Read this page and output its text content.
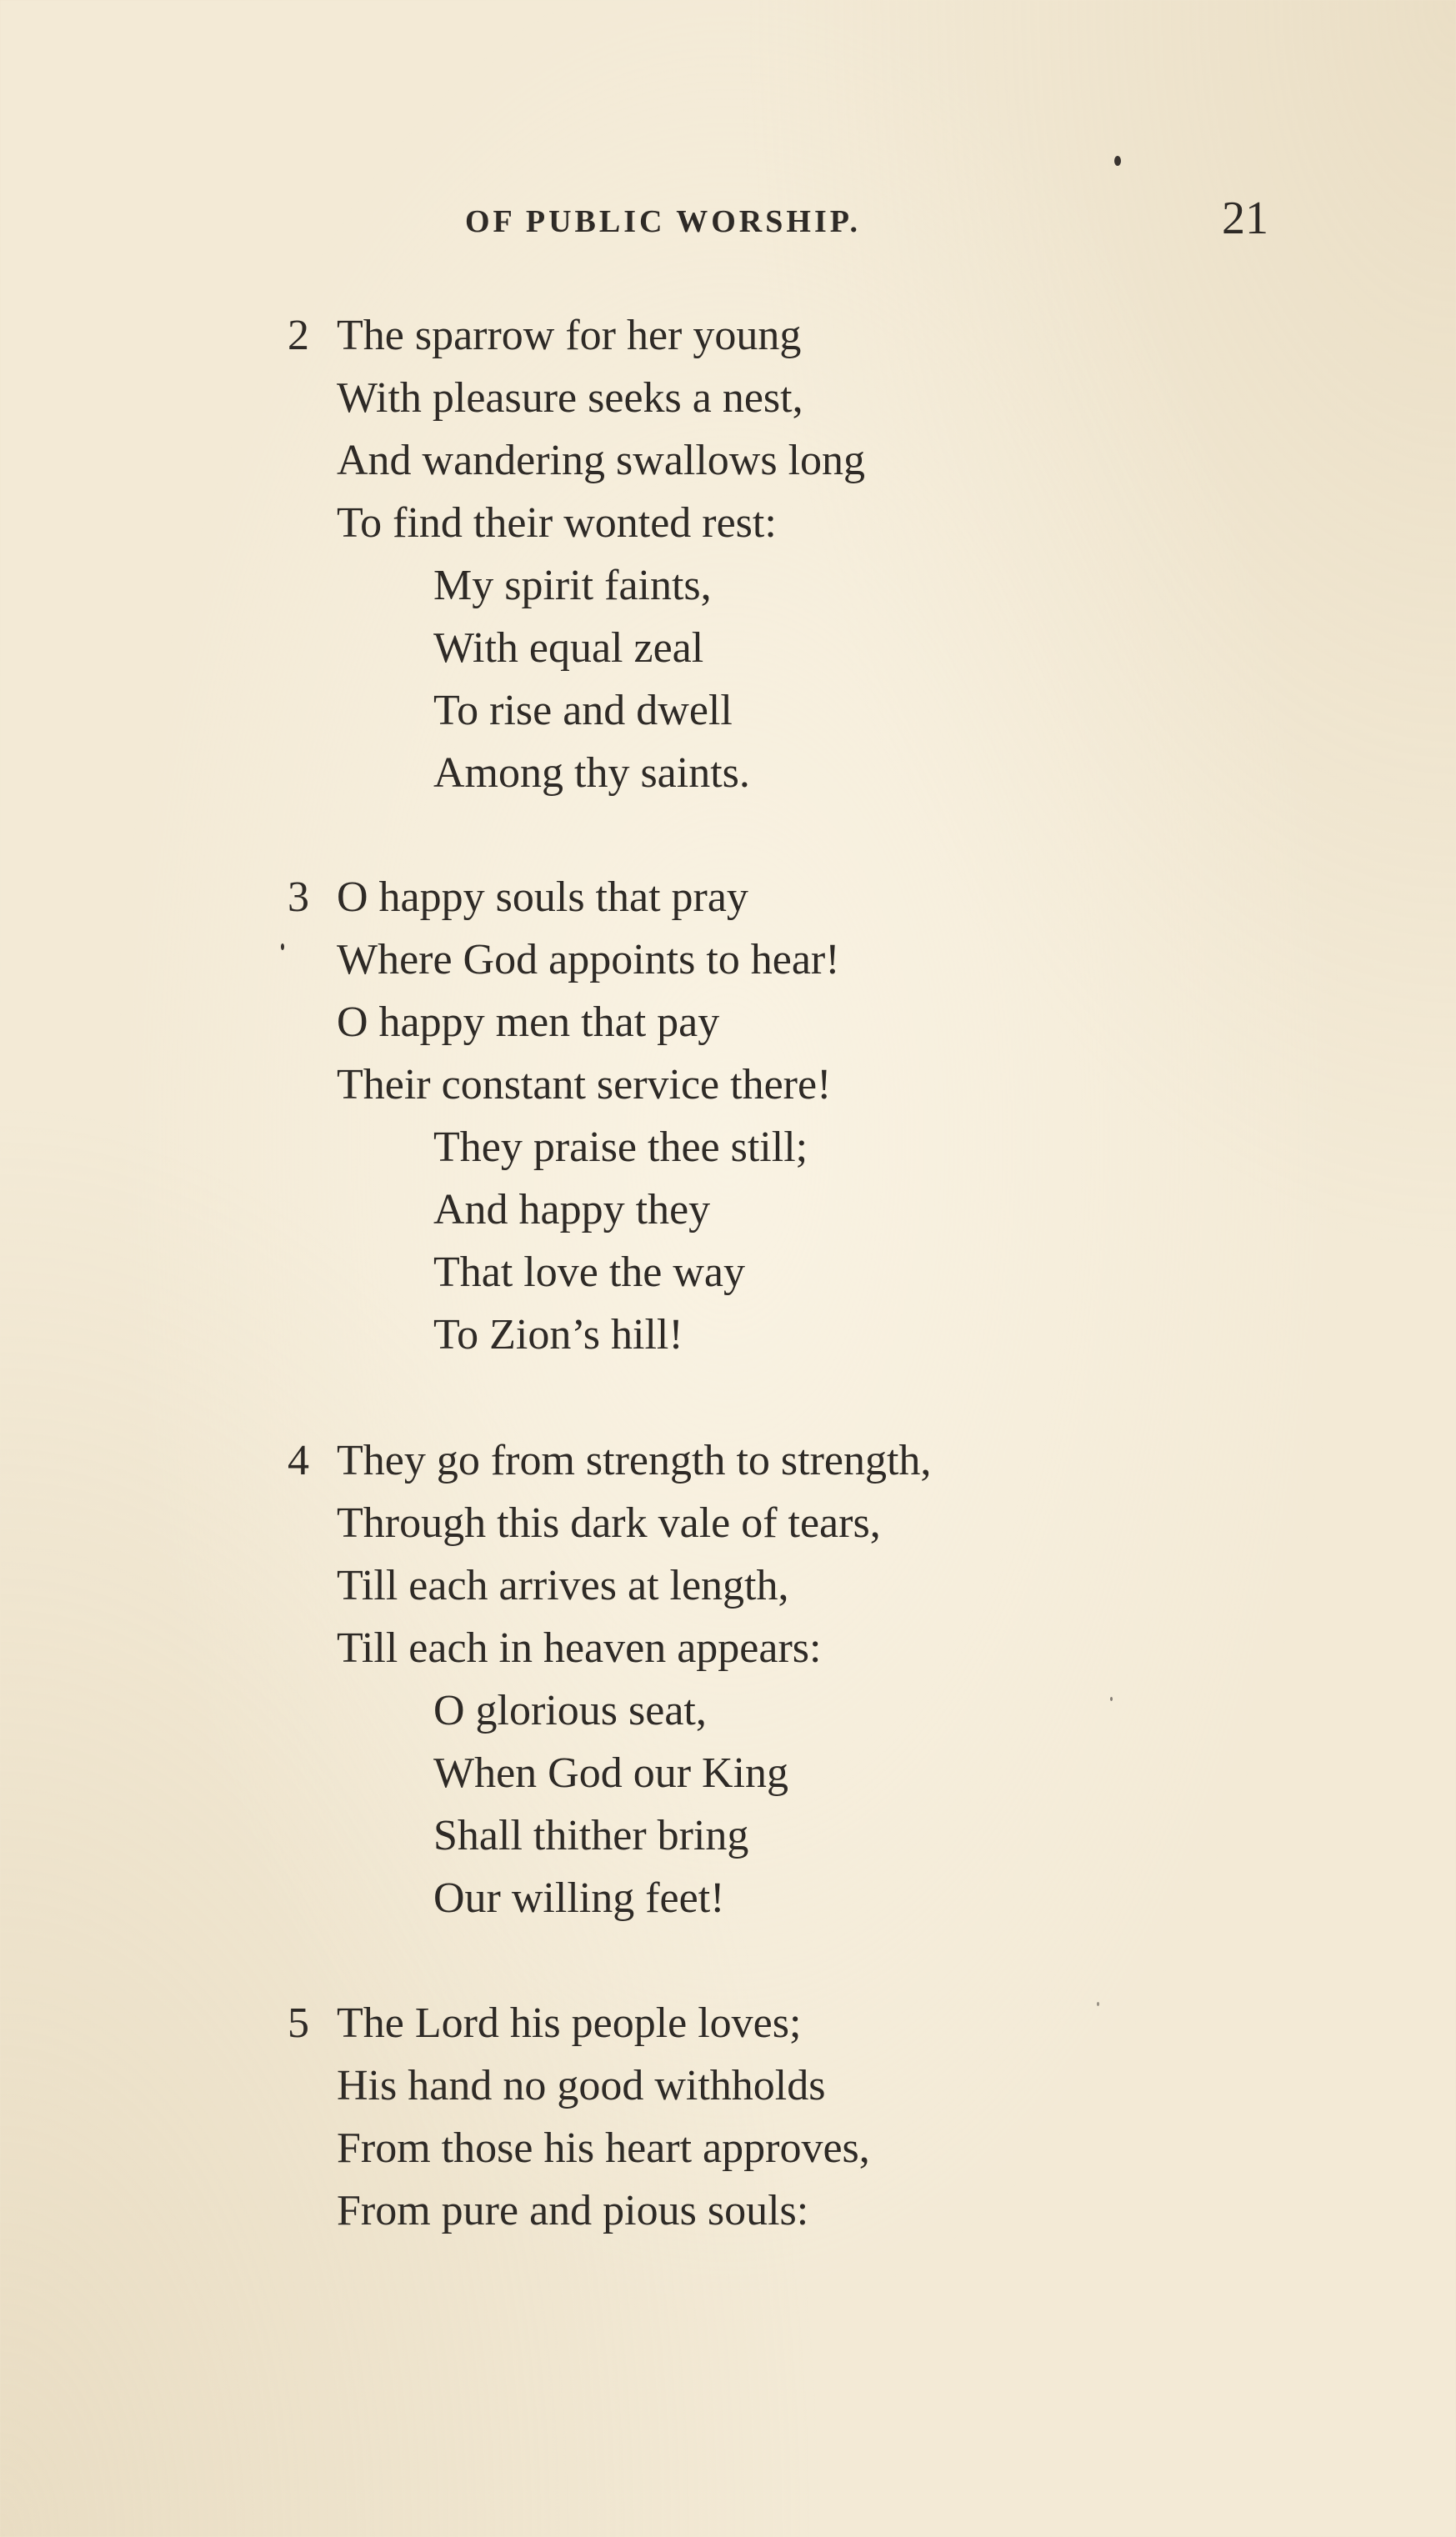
OF PUBLIC WORSHIP.	21
2 The sparrow for her young
With pleasure seeks a nest,
And wandering swallows long
To find their wonted rest:
My spirit faints,
With equal zeal
To rise and dwell
Among thy saints.
3 O happy souls that pray
Where God appoints to hear!
O happy men that pay
Their constant service there!
They praise thee still;
And happy they
That love the way
To Zion’s hill!
4 They go from strength to strength,
Through this dark vale of tears,
Till each arrives at length,
Till each in heaven appears:
O glorious seat,
When God our King
Shall thither bring
Our willing feet!
5 The Lord his people loves;
His hand no good withholds
From those his heart approves,
From pure and pious souls:
